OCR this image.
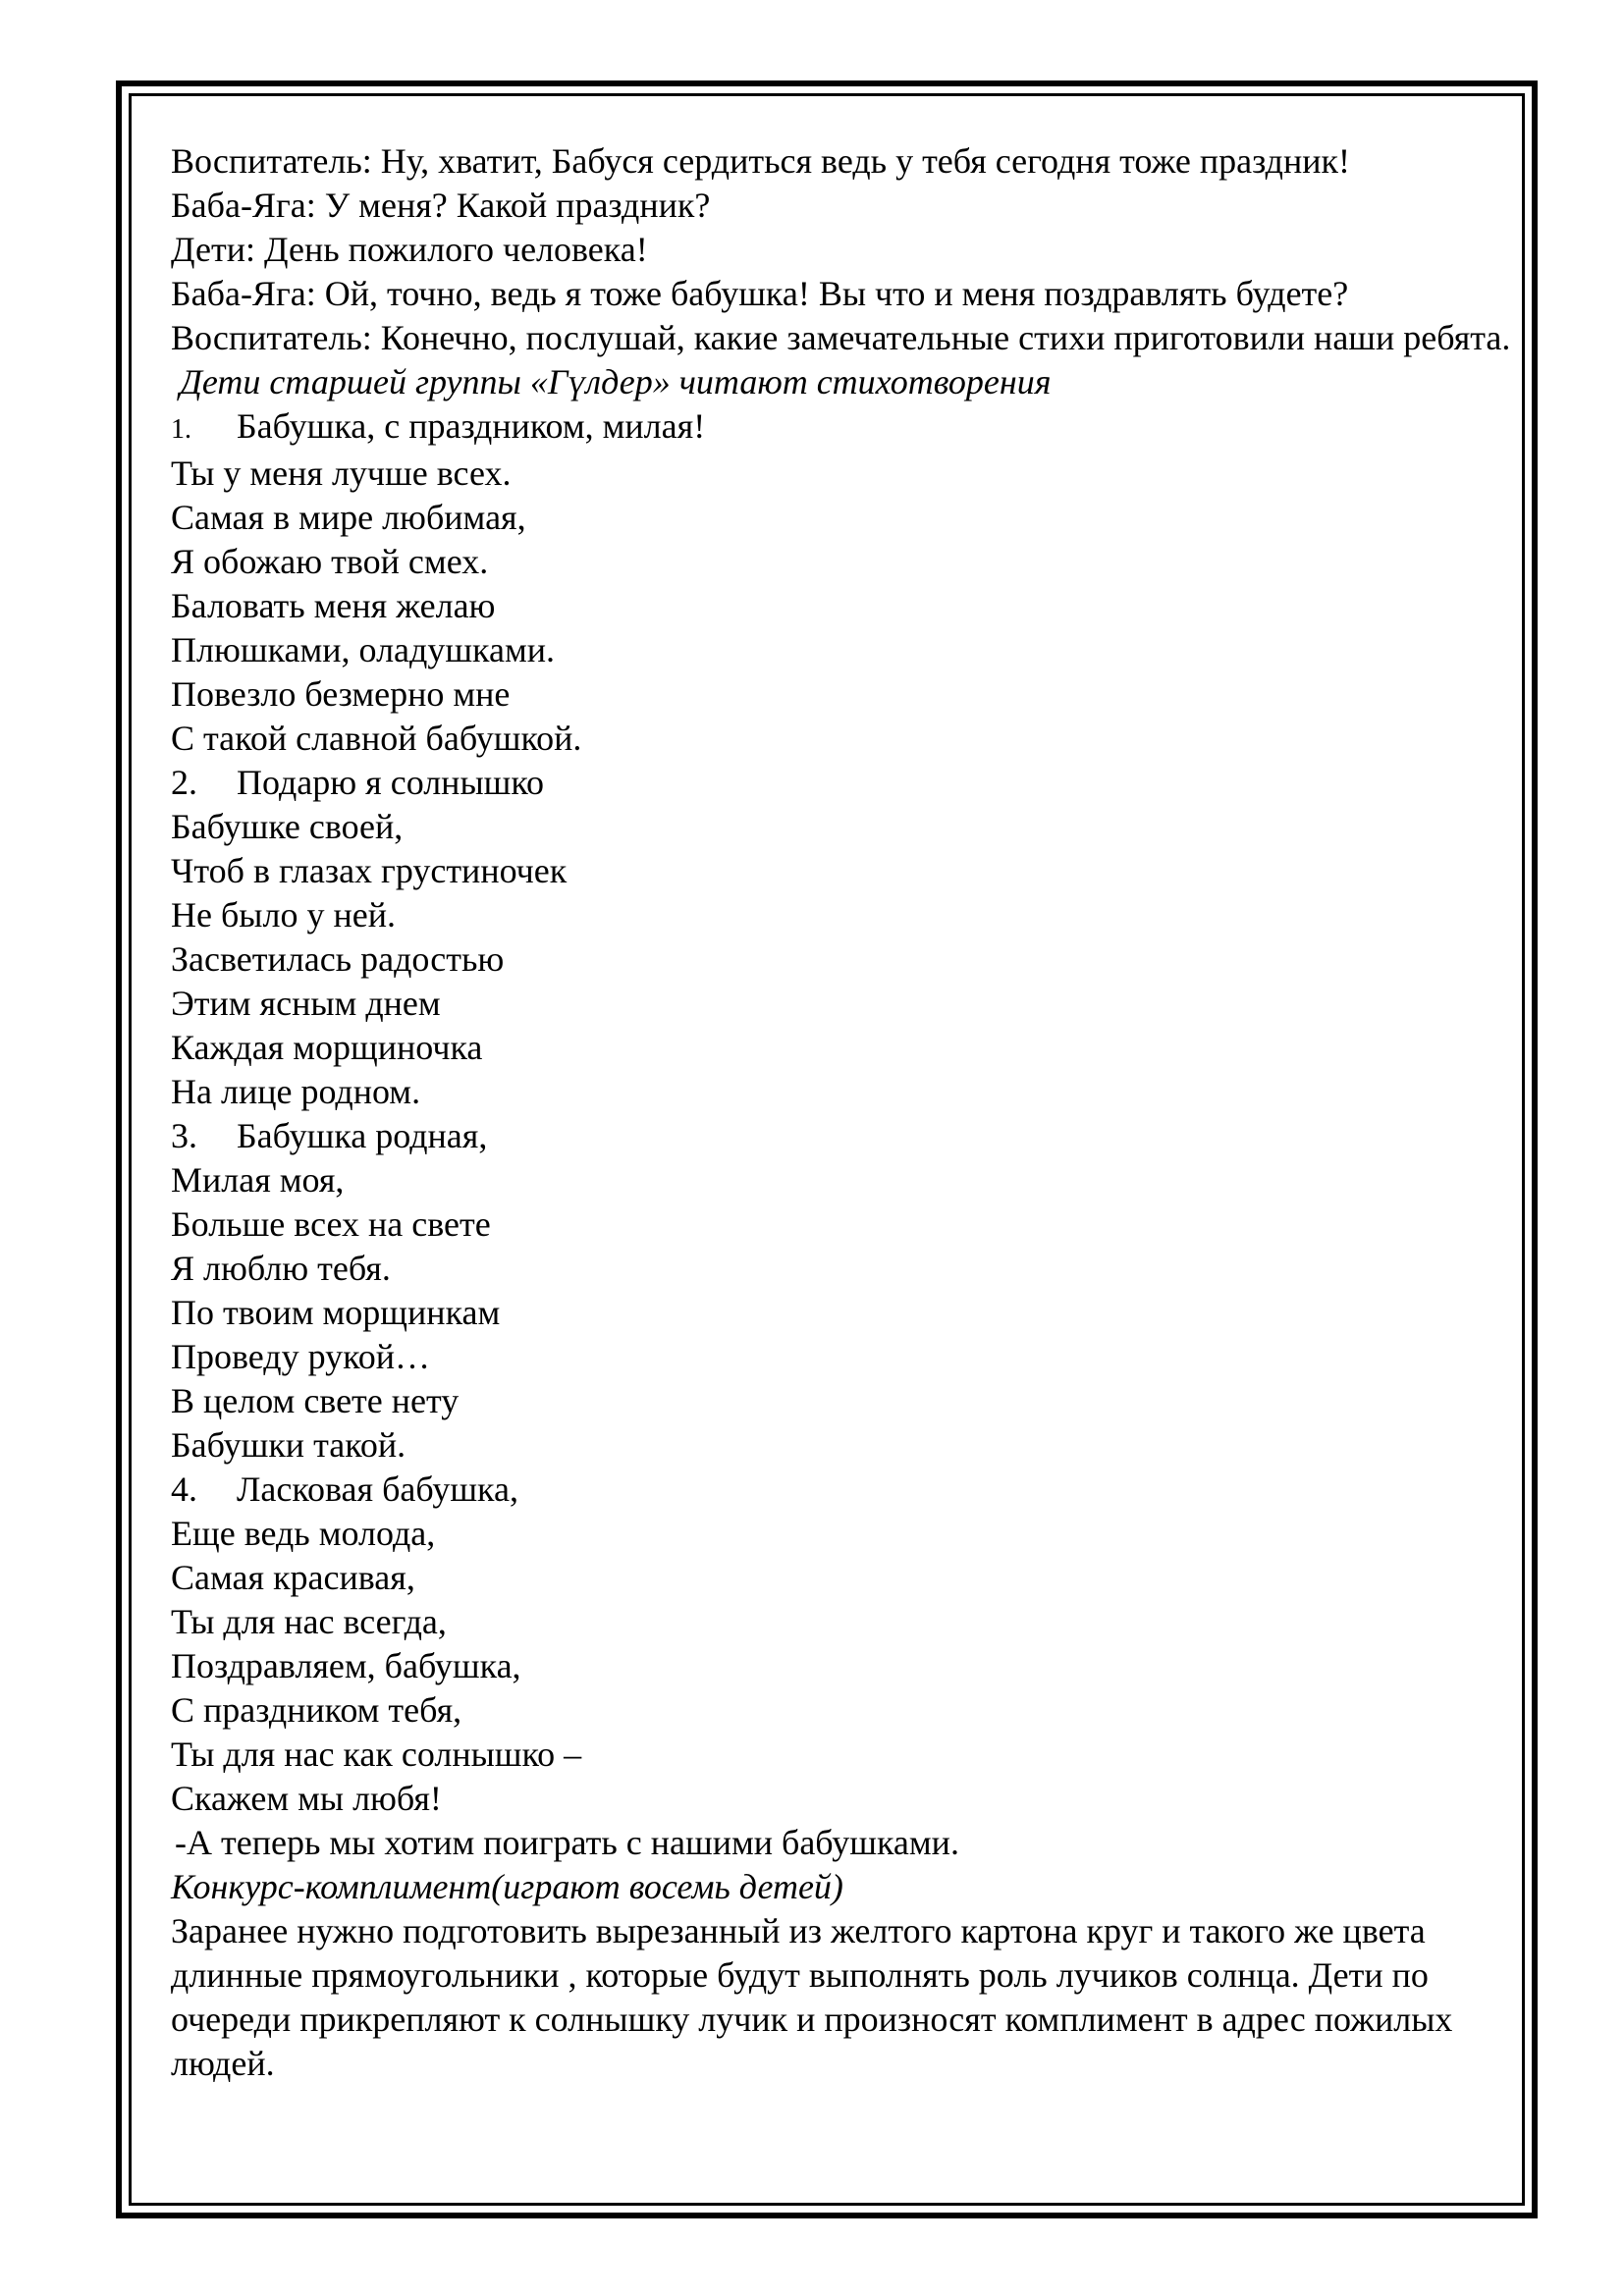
Воспитатель: Ну, хватит, Бабуся сердиться ведь у тебя сегодня тоже праздник!

Баба-Яга: У меня? Какой праздник?

Дети: День пожилого человека!

Баба-Яга: Ой, точно, ведь я тоже бабушка! Вы что и меня поздравлять будете?

Воспитатель: Конечно, послушай, какие замечательные стихи приготовили наши ребята.

Дети старшей группы «Гүлдер» читают стихотворения

1. Бабушка, с праздником, милая!

Ты у меня лучше всех.

Самая в мире любимая,

Я обожаю твой смех.

Баловать меня желаю

Плюшками, оладушками.

Повезло безмерно мне

С такой славной бабушкой.

2. Подарю я солнышко

Бабушке своей,

Чтоб в глазах грустиночек

Не было у ней.

Засветилась радостью

Этим ясным днем

Каждая морщиночка

На лице родном.

3. Бабушка родная,

Милая моя,

Больше всех на свете

Я люблю тебя.

По твоим морщинкам

Проведу рукой…

В целом свете нету

Бабушки такой.

4. Ласковая бабушка,

Еще ведь молода,

Самая красивая,

Ты для нас всегда,

Поздравляем, бабушка,

С праздником тебя,

Ты для нас как солнышко –

Скажем мы любя!

-А теперь мы хотим поиграть с нашими бабушками.

Конкурс-комплимент(играют восемь детей)

Заранее нужно подготовить вырезанный из желтого картона круг и такого же цвета длинные прямоугольники , которые будут выполнять роль лучиков солнца. Дети по очереди прикрепляют к солнышку лучик и произносят комплимент в адрес пожилых людей.
